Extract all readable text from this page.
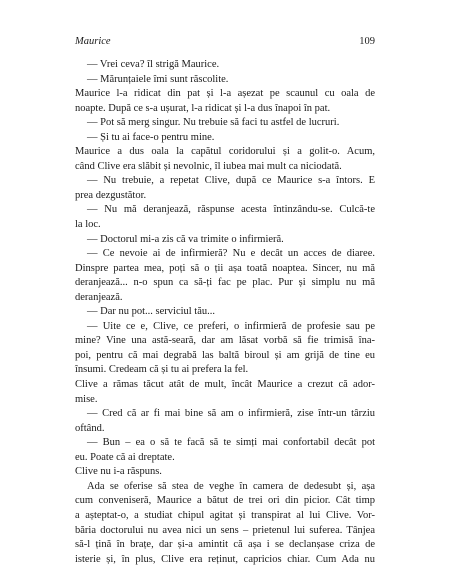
Maurice	109
— Vrei ceva? îl strigă Maurice.
— Mărunțaiele îmi sunt răscolite.
Maurice l-a ridicat din pat și l-a așezat pe scaunul cu oala de
noapte. După ce s-a ușurat, l-a ridicat și l-a dus înapoi în pat.
— Pot să merg singur. Nu trebuie să faci tu astfel de lucruri.
— Și tu ai face-o pentru mine.
Maurice a dus oala la capătul coridorului și a golit-o. Acum,
când Clive era slăbit și nevolnic, îl iubea mai mult ca niciodată.
— Nu trebuie, a repetat Clive, după ce Maurice s-a întors. E
prea dezgustător.
— Nu mă deranjează, răspunse acesta întinzându-se. Culcă-te
la loc.
— Doctorul mi-a zis că va trimite o infirmieră.
— Ce nevoie ai de infirmieră? Nu e decât un acces de diaree.
Dinspre partea mea, poți să o ții așa toată noaptea. Sincer, nu mă
deranjează... n-o spun ca să-ți fac pe plac. Pur și simplu nu mă
deranjează.
— Dar nu pot... serviciul tău...
— Uite ce e, Clive, ce preferi, o infirmieră de profesie sau pe
mine? Vine una astă-seară, dar am lăsat vorbă să fie trimisă îna-
poi, pentru că mai degrabă las baltă biroul și am grijă de tine eu
însumi. Credeam că și tu ai prefera la fel.
Clive a rămas tăcut atât de mult, încât Maurice a crezut că ador-
mise.
— Cred că ar fi mai bine să am o infirmieră, zise într-un târziu
oftând.
— Bun – ea o să te facă să te simți mai confortabil decât pot
eu. Poate că ai dreptate.
Clive nu i-a răspuns.
Ada se oferise să stea de veghe în camera de dedesubt și, așa
cum conveniseră, Maurice a bătut de trei ori din picior. Cât timp
a așteptat-o, a studiat chipul agitat și transpirat al lui Clive. Vor-
băria doctorului nu avea nici un sens – prietenul lui suferea. Tânjea
să-l țină în brațe, dar și-a amintit că așa i se declanșase criza de
isterie și, în plus, Clive era reținut, capricios chiar. Cum Ada nu
